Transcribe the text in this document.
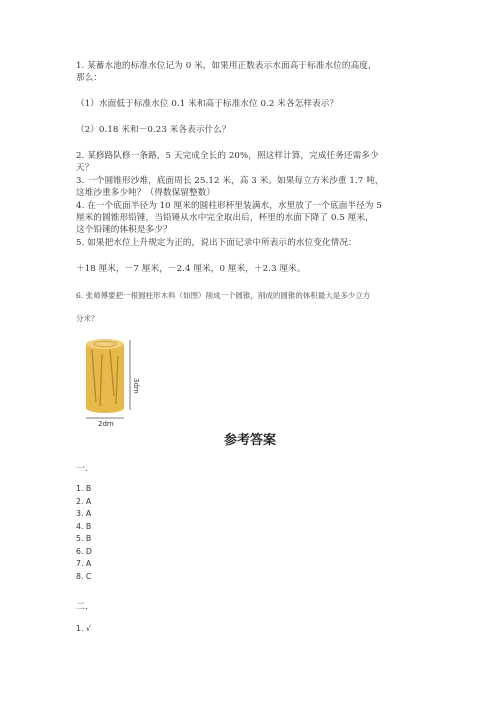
1. 某蓄水池的标准水位记为 0 米，如果用正数表示水面高于标准水位的高度，
那么：
（1）水面低于标准水位 0.1 米和高于标准水位 0.2 米各怎样表示？
（2）0.18 米和－0.23 米各表示什么？
2. 某修路队修一条路，5 天完成全长的 20%，照这样计算，完成任务还需多少
天？
3. 一个圆锥形沙堆，底面周长 25.12 米，高 3 米。如果每立方米沙重 1.7 吨，
这堆沙重多少吨？（得数保留整数）
4. 在一个底面半径为 10 厘米的圆柱形杯里装满水，水里放了一个底面半径为 5
厘米的圆锥形铅锤，当铅锤从水中完全取出后，杯里的水面下降了 0.5 厘米，
这个铅锤的体积是多少？
5. 如果把水位上升规定为正的，说出下面记录中所表示的水位变化情况：
＋18 厘米，－7 厘米，－2.4 厘米，0 厘米，＋2.3 厘米。
6. 张师傅要把一根圆柱形木料（如图）削成一个圆锥，削成的圆锥的体积最大是多少立方
分米？
3dm
2dm
参考答案
一.
1. B
2. A
3. A
4. B
5. B
6. D
7. A
8. C
二.
1. √
